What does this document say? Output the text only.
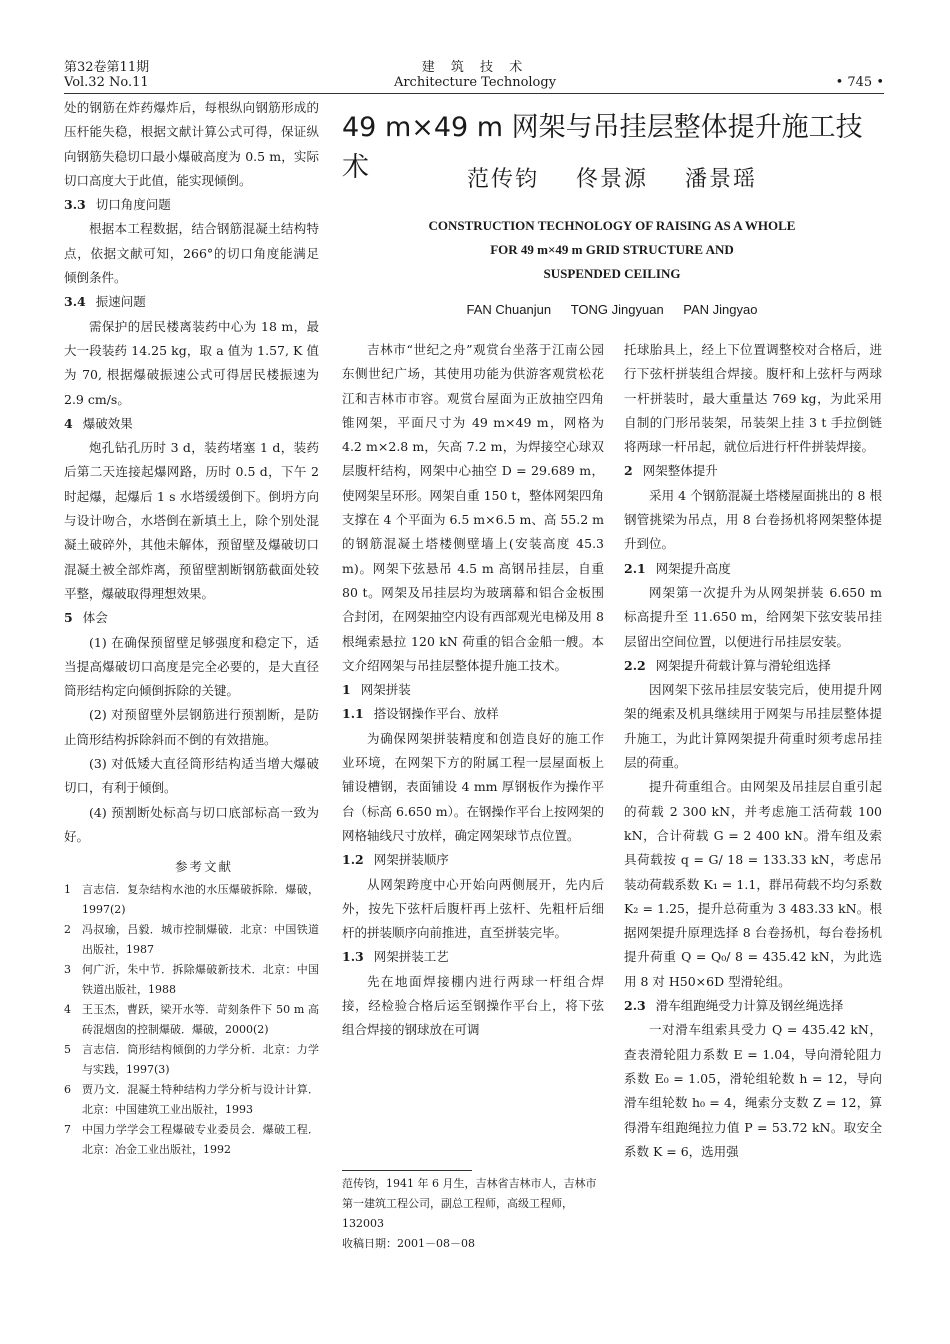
第32卷第11期
Vol.32 No.11
建 筑 技 术
Architecture Technology	• 745 •

处的钢筋在炸药爆炸后，每根纵向钢筋形成的压杆能失稳，根据文献计算公式可得，保证纵向钢筋失稳切口最小爆破高度为 0.5 m，实际切口高度大于此值，能实现倾倒。

3.3 切口角度问题

根据本工程数据，结合钢筋混凝土结构特点，依据文献可知，266°的切口角度能满足倾倒条件。

3.4 振速问题

需保护的居民楼离装药中心为 18 m，最大一段装药 14.25 kg，取 a 值为 1.57, K 值为 70, 根据爆破振速公式可得居民楼振速为 2.9 cm/s。

4 爆破效果

炮孔钻孔历时 3 d，装药堵塞 1 d，装药后第二天连接起爆网路，历时 0.5 d，下午 2 时起爆，起爆后 1 s 水塔缓缓倒下。倒坍方向与设计吻合，水塔倒在新填土上，除个别处混凝土破碎外，其他未解体，预留壁及爆破切口混凝土被全部炸离，预留壁割断钢筋截面处较平整，爆破取得理想效果。

5 体会

(1) 在确保预留壁足够强度和稳定下，适当提高爆破切口高度是完全必要的，是大直径筒形结构定向倾倒拆除的关键。

(2) 对预留壁外层钢筋进行预割断，是防止筒形结构拆除斜而不倒的有效措施。

(3) 对低矮大直径筒形结构适当增大爆破切口，有利于倾倒。

(4) 预割断处标高与切口底部标高一致为好。

参考文献

1 言志信．复杂结构水池的水压爆破拆除．爆破，1997(2)
2 冯叔瑜，吕毅．城市控制爆破．北京：中国铁道出版社，1987
3 何广沂，朱中节．拆除爆破新技术．北京：中国铁道出版社，1988
4 王玉杰，曹跃，梁开水等．苛刻条件下 50 m 高砖混烟囱的控制爆破．爆破，2000(2)
5 言志信．筒形结构倾倒的力学分析．北京：力学与实践，1997(3)
6 贾乃文．混凝土特种结构力学分析与设计计算．北京：中国建筑工业出版社，1993
7 中国力学学会工程爆破专业委员会．爆破工程．北京：冶金工业出版社，1992
49 m×49 m 网架与吊挂层整体提升施工技术	范传钧 佟景源 潘景瑶
CONSTRUCTION TECHNOLOGY OF RAISING AS A WHOLE
FOR 49 m×49 m GRID STRUCTURE AND
SUSPENDED CEILING
FAN Chuanjun TONG Jingyuan PAN Jingyao

吉林市“世纪之舟”观赏台坐落于江南公园东侧世纪广场，其使用功能为供游客观赏松花江和吉林市市容。观赏台屋面为正放抽空四角锥网架，平面尺寸为 49 m×49 m，网格为 4.2 m×2.8 m，矢高 7.2 m，为焊接空心球双层腹杆结构，网架中心抽空 D = 29.689 m，使网架呈环形。网架自重 150 t，整体网架四角支撑在 4 个平面为 6.5 m×6.5 m、高 55.2 m 的钢筋混凝土塔楼侧壁墙上(安装高度 45.3 m)。网架下弦悬吊 4.5 m 高钢吊挂层，自重 80 t。网架及吊挂层均为玻璃幕和铝合金板围合封闭，在网架抽空内设有西部观光电梯及用 8 根绳索悬拉 120 kN 荷重的铝合金船一艘。本文介绍网架与吊挂层整体提升施工技术。

1 网架拼装
1.1 搭设钢操作平台、放样

为确保网架拼装精度和创造良好的施工作业环境，在网架下方的附属工程一层屋面板上铺设槽钢，表面铺设 4 mm 厚钢板作为操作平台（标高 6.650 m）。在钢操作平台上按网架的网格轴线尺寸放样，确定网架球节点位置。

1.2 网架拼装顺序

从网架跨度中心开始向两侧展开，先内后外，按先下弦杆后腹杆再上弦杆、先粗杆后细杆的拼装顺序向前推进，直至拼装完毕。

1.3 网架拼装工艺

先在地面焊接棚内进行两球一杆组合焊接，经检验合格后运至钢操作平台上，将下弦组合焊接的钢球放在可调

范传钧，1941 年 6 月生，吉林省吉林市人，吉林市第一建筑工程公司，副总工程师，高级工程师，132003

收稿日期：2001－08－08

托球胎具上，经上下位置调整校对合格后，进行下弦杆拼装组合焊接。腹杆和上弦杆与两球一杆拼装时，最大重量达 769 kg，为此采用自制的门形吊装架，吊装架上挂 3 t 手拉倒链将两球一杆吊起，就位后进行杆件拼装焊接。

2 网架整体提升

采用 4 个钢筋混凝土塔楼屋面挑出的 8 根钢管挑梁为吊点，用 8 台卷扬机将网架整体提升到位。

2.1 网架提升高度

网架第一次提升为从网架拼装 6.650 m 标高提升至 11.650 m，给网架下弦安装吊挂层留出空间位置，以便进行吊挂层安装。

2.2 网架提升荷载计算与滑轮组选择

因网架下弦吊挂层安装完后，使用提升网架的绳索及机具继续用于网架与吊挂层整体提升施工，为此计算网架提升荷重时须考虑吊挂层的荷重。

提升荷重组合。由网架及吊挂层自重引起的荷载 2 300 kN，并考虑施工活荷载 100 kN，合计荷载 G = 2 400 kN。滑车组及索具荷载按 q = G/ 18 = 133.33 kN，考虑吊装动荷载系数 K₁ = 1.1，群吊荷载不均匀系数 K₂ = 1.25，提升总荷重为 3 483.33 kN。根据网架提升原理选择 8 台卷扬机，每台卷扬机提升荷重 Q = Q₀/ 8 = 435.42 kN，为此选用 8 对 H50×6D 型滑轮组。

2.3 滑车组跑绳受力计算及钢丝绳选择

一对滑车组索具受力 Q = 435.42 kN，查表滑轮阻力系数 E = 1.04，导向滑轮阻力系数 E₀ = 1.05，滑轮组轮数 h = 12，导向滑车组轮数 h₀ = 4，绳索分支数 Z = 12，算得滑车组跑绳拉力值 P = 53.72 kN。取安全系数 K = 6，选用强
